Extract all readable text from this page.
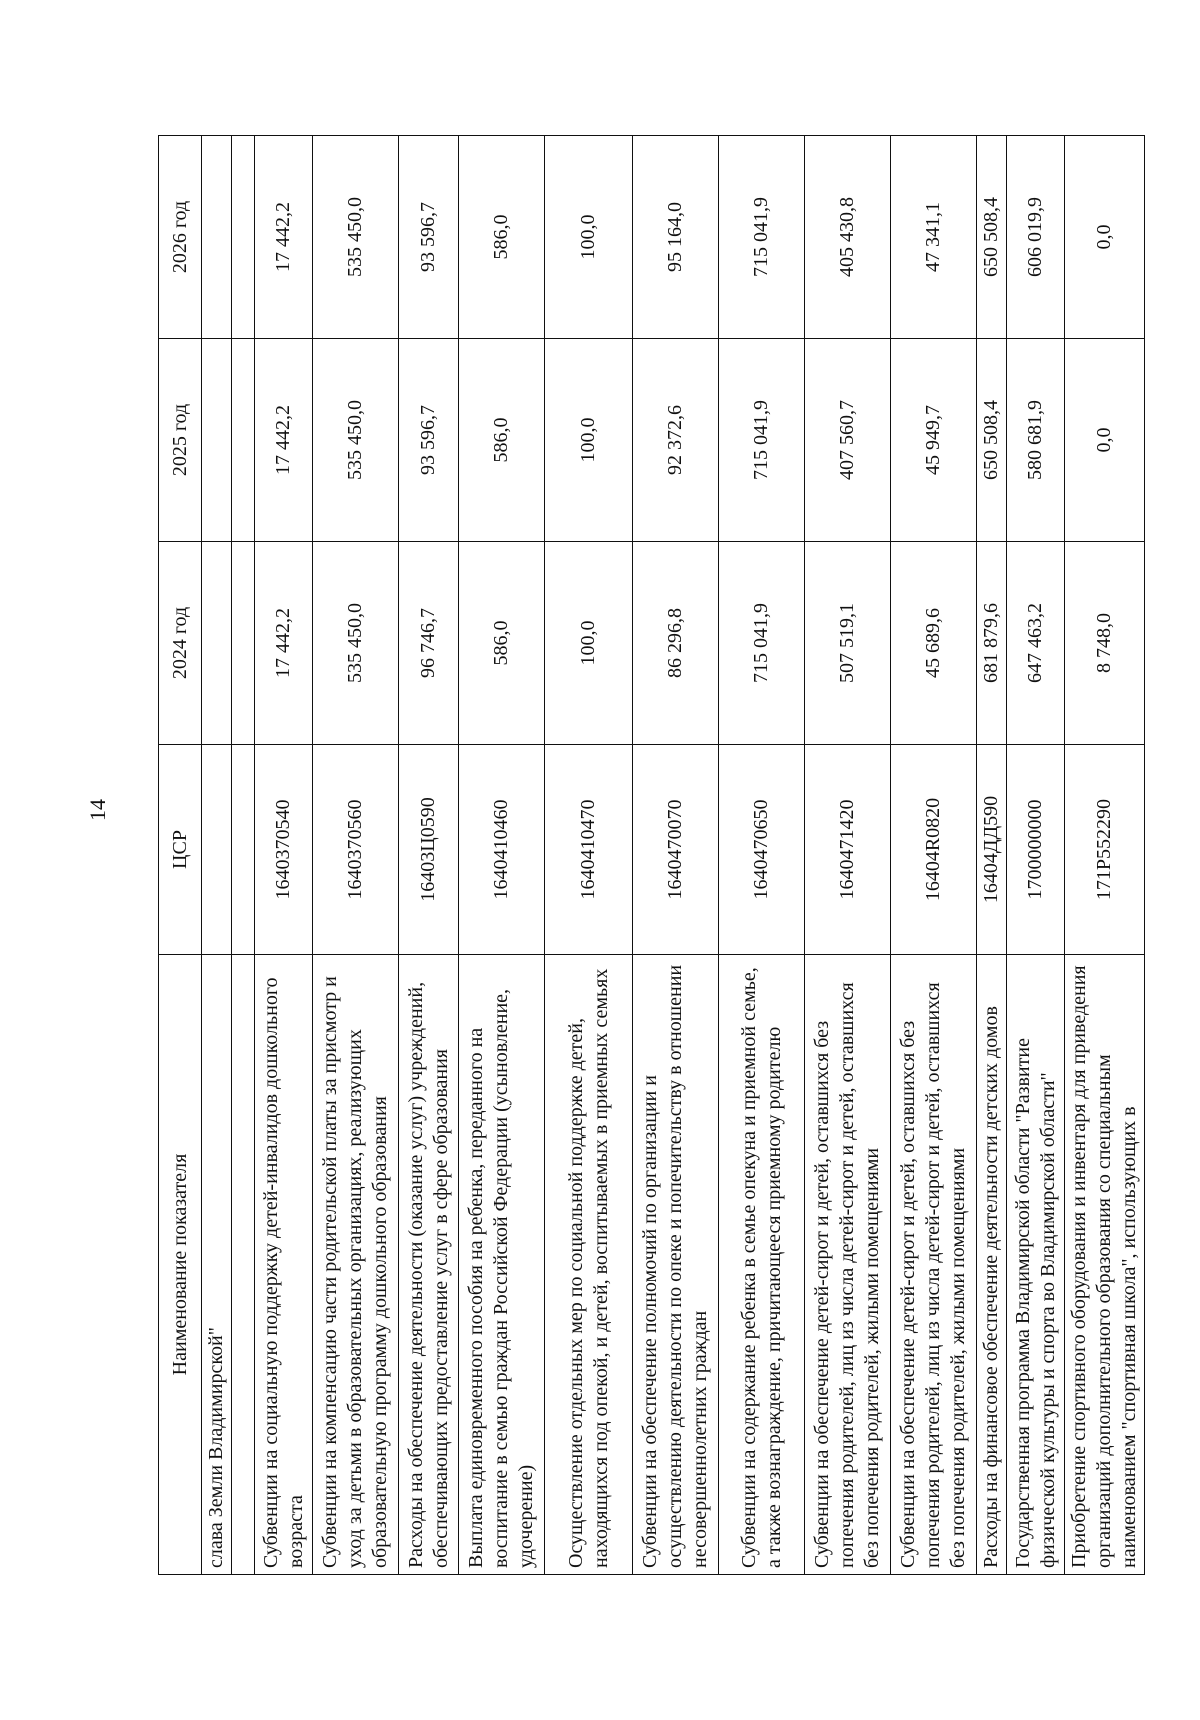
14
Наименование показателя	ЦСР	2024 год	2025 год	2026 год
слава Земли Владимирской"				

Субвенции на социальную поддержку детей-инвалидов дошкольного возраста	1640370540	17 442,2	17 442,2	17 442,2
Субвенции на компенсацию части родительской платы за присмотр и уход за детьми в образовательных организациях, реализующих образовательную программу дошкольного образования	1640370560	535 450,0	535 450,0	535 450,0
Расходы на обеспечение деятельности (оказание услуг) учреждений, обеспечивающих предоставление услуг в сфере образования	16403Ц0590	96 746,7	93 596,7	93 596,7
Выплата единовременного пособия на ребенка, переданного на воспитание в семью граждан Российской Федерации (усыновление, удочерение)	1640410460	586,0	586,0	586,0
Осуществление отдельных мер по социальной поддержке детей, находящихся под опекой, и детей, воспитываемых в приемных семьях	1640410470	100,0	100,0	100,0
Субвенции на обеспечение полномочий по организации и осуществлению деятельности по опеке и попечительству в отношении несовершеннолетних граждан	1640470070	86 296,8	92 372,6	95 164,0
Субвенции на содержание ребенка в семье опекуна и приемной семье, а также вознаграждение, причитающееся приемному родителю	1640470650	715 041,9	715 041,9	715 041,9
Субвенции на обеспечение детей-сирот и детей, оставшихся без попечения родителей, лиц из числа детей-сирот и детей, оставшихся без попечения родителей, жилыми помещениями	1640471420	507 519,1	407 560,7	405 430,8
Субвенции на обеспечение детей-сирот и детей, оставшихся без попечения родителей, лиц из числа детей-сирот и детей, оставшихся без попечения родителей, жилыми помещениями	16404R0820	45 689,6	45 949,7	47 341,1
Расходы на финансовое обеспечение деятельности детских домов	16404ДД590	681 879,6	650 508,4	650 508,4
Государственная программа Владимирской области "Развитие физической культуры и спорта во Владимирской области"	1700000000	647 463,2	580 681,9	606 019,9
Приобретение спортивного оборудования и инвентаря для приведения организаций дополнительного образования со специальным наименованием "спортивная школа", использующих в	171P552290	8 748,0	0,0	0,0
